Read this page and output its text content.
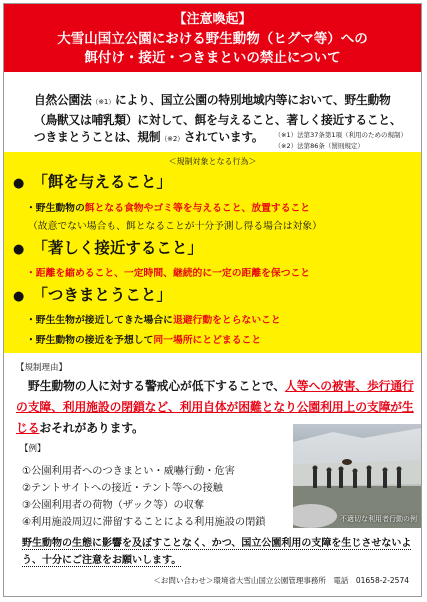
【注意喚起】
大雪山国立公園における野生動物（ヒグマ等）への
餌付け・接近・つきまといの禁止について
自然公園法（※1）により、国立公園の特別地域内等において、野生動物
（鳥獣又は哺乳類）に対して、餌を与えること、著しく接近すること、
つきまとうことは、規制（※2）されています。	（※1）法第37条第1項（利用のための規制）
（※2）法第86条（罰則規定）
＜規制対象となる行為＞
● 「餌を与えること」
・野生動物の餌となる食物やゴミ等を与えること、放置すること
（故意でない場合も、餌となることが十分予測し得る場合は対象）
● 「著しく接近すること」
・距離を縮めること、一定時間、継続的に一定の距離を保つこと
● 「つきまとうこと」
・野生生物が接近してきた場合に退避行動をとらないこと
・野生動物の接近を予想して同一場所にとどまること
【規制理由】
野生動物の人に対する警戒心が低下することで、人等への被害、歩行通行の支障、利用施設の閉鎖など、利用自体が困難となり公園利用上の支障が生じるおそれがあります。
【例】
①公園利用者へのつきまとい・威嚇行動・危害
②テントサイトへの接近・テント等への接触
③公園利用者の荷物（ザック等）の収奪
④利用施設周辺に滞留することによる利用施設の閉鎖	不適切な利用者行動の例
野生動物の生態に影響を及ぼすことなく、かつ、国立公園利用の支障を生じさせないよ
う、十分にご注意をお願いします。
＜お問い合わせ＞環境省大雪山国立公園管理事務所　電話　01658-2-2574
